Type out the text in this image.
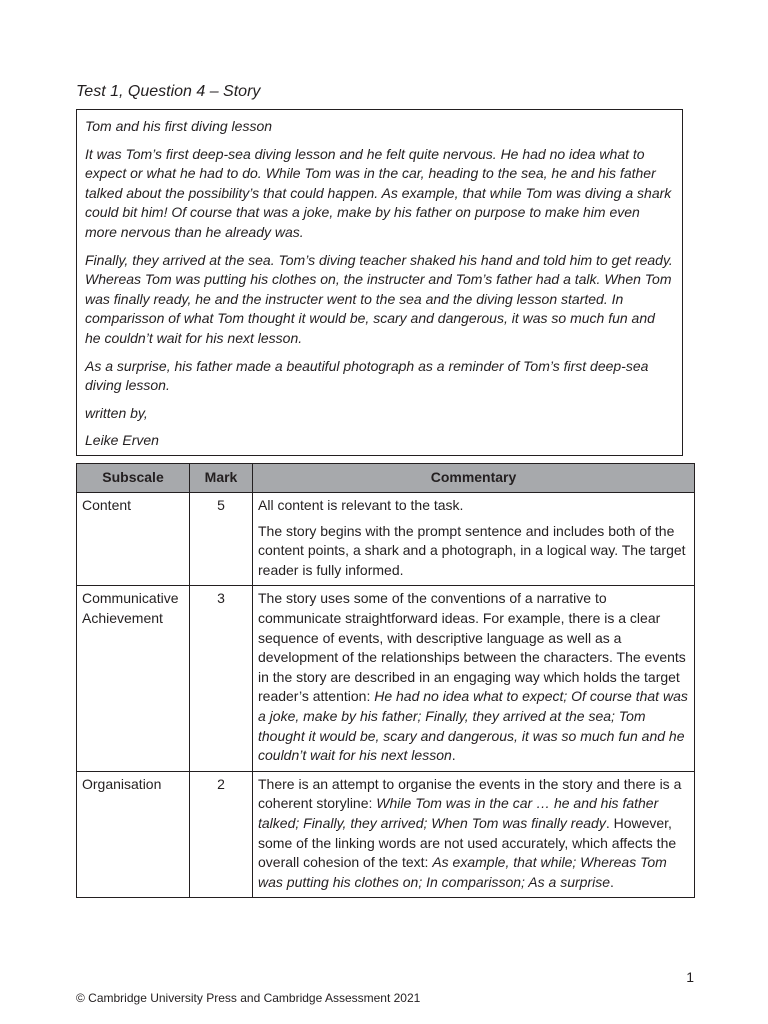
Test 1, Question 4 – Story

Tom and his first diving lesson

It was Tom’s first deep-sea diving lesson and he felt quite nervous. He had no idea what to expect or what he had to do. While Tom was in the car, heading to the sea, he and his father talked about the possibility’s that could happen. As example, that while Tom was diving a shark could bit him! Of course that was a joke, make by his father on purpose to make him even more nervous than he already was.

Finally, they arrived at the sea. Tom’s diving teacher shaked his hand and told him to get ready. Whereas Tom was putting his clothes on, the instructer and Tom’s father had a talk. When Tom was finally ready, he and the instructer went to the sea and the diving lesson started. In comparisson of what Tom thought it would be, scary and dangerous, it was so much fun and he couldn’t wait for his next lesson.

As a surprise, his father made a beautiful photograph as a reminder of Tom’s first deep-sea diving lesson.

written by,

Leike Erven

Subscale	Mark	Commentary
Content	5	All content is relevant to the task.

The story begins with the prompt sentence and includes both of the content points, a shark and a photograph, in a logical way. The target reader is fully informed.

Communicative Achievement	3	The story uses some of the conventions of a narrative to communicate straightforward ideas. For example, there is a clear sequence of events, with descriptive language as well as a development of the relationships between the characters. The events in the story are described in an engaging way which holds the target reader’s attention: He had no idea what to expect; Of course that was a joke, make by his father; Finally, they arrived at the sea; Tom thought it would be, scary and dangerous, it was so much fun and he couldn’t wait for his next lesson.

Organisation	2	There is an attempt to organise the events in the story and there is a coherent storyline: While Tom was in the car … he and his father talked; Finally, they arrived; When Tom was finally ready. However, some of the linking words are not used accurately, which affects the overall cohesion of the text: As example, that while; Whereas Tom was putting his clothes on; In comparisson; As a surprise.

1
© Cambridge University Press and Cambridge Assessment 2021
